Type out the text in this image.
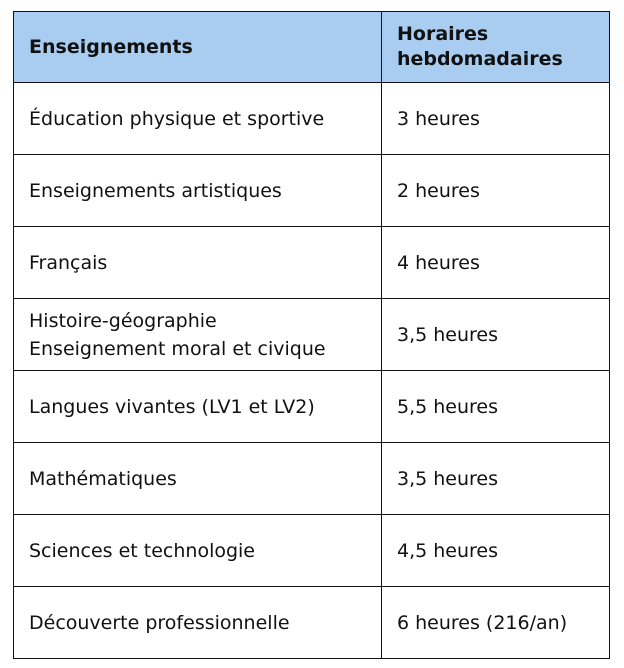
Enseignements	Horaires
hebdomadaires

Éducation physique et sportive	3 heures

Enseignements artistiques	2 heures

Français	4 heures

Histoire-géographie
Enseignement moral et civique	3,5 heures

Langues vivantes (LV1 et LV2)	5,5 heures

Mathématiques	3,5 heures

Sciences et technologie	4,5 heures

Découverte professionnelle	6 heures (216/an)
